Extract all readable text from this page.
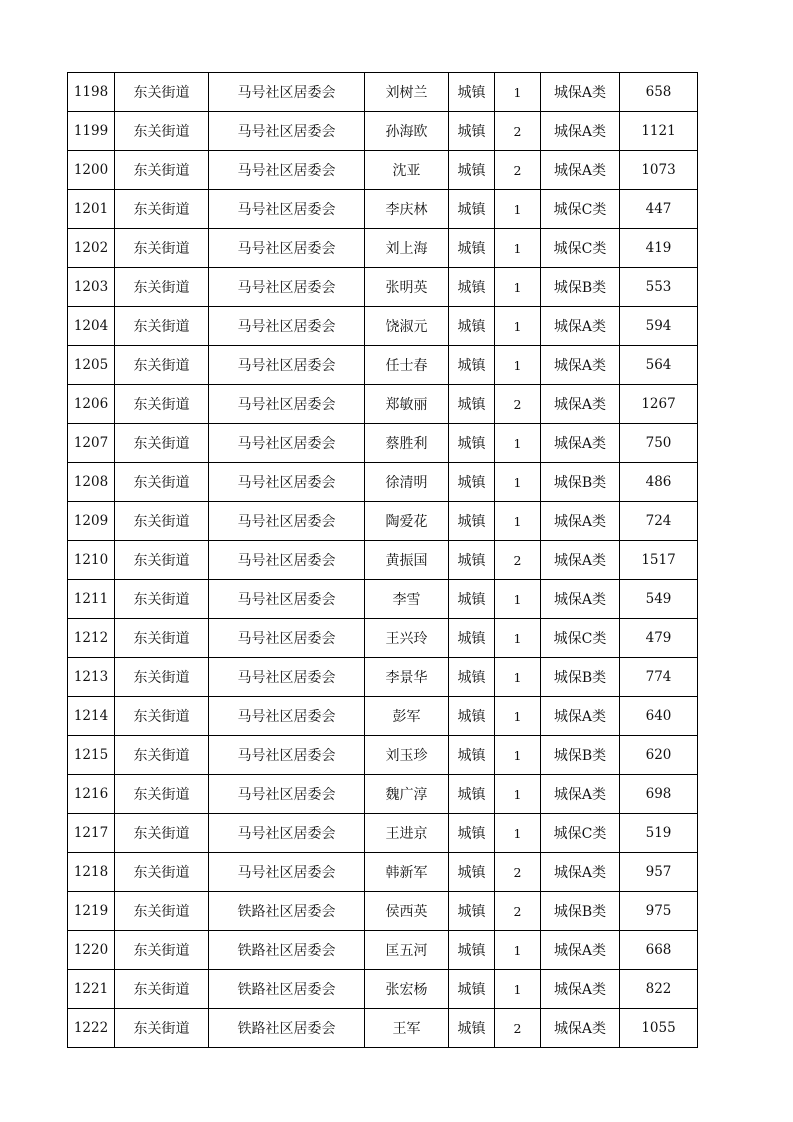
1198	东关街道	马号社区居委会	刘树兰	城镇	1	城保A类	658
1199	东关街道	马号社区居委会	孙海欧	城镇	2	城保A类	1121
1200	东关街道	马号社区居委会	沈亚	城镇	2	城保A类	1073
1201	东关街道	马号社区居委会	李庆林	城镇	1	城保C类	447
1202	东关街道	马号社区居委会	刘上海	城镇	1	城保C类	419
1203	东关街道	马号社区居委会	张明英	城镇	1	城保B类	553
1204	东关街道	马号社区居委会	饶淑元	城镇	1	城保A类	594
1205	东关街道	马号社区居委会	任士春	城镇	1	城保A类	564
1206	东关街道	马号社区居委会	郑敏丽	城镇	2	城保A类	1267
1207	东关街道	马号社区居委会	蔡胜利	城镇	1	城保A类	750
1208	东关街道	马号社区居委会	徐清明	城镇	1	城保B类	486
1209	东关街道	马号社区居委会	陶爱花	城镇	1	城保A类	724
1210	东关街道	马号社区居委会	黄振国	城镇	2	城保A类	1517
1211	东关街道	马号社区居委会	李雪	城镇	1	城保A类	549
1212	东关街道	马号社区居委会	王兴玲	城镇	1	城保C类	479
1213	东关街道	马号社区居委会	李景华	城镇	1	城保B类	774
1214	东关街道	马号社区居委会	彭军	城镇	1	城保A类	640
1215	东关街道	马号社区居委会	刘玉珍	城镇	1	城保B类	620
1216	东关街道	马号社区居委会	魏广淳	城镇	1	城保A类	698
1217	东关街道	马号社区居委会	王进京	城镇	1	城保C类	519
1218	东关街道	马号社区居委会	韩新军	城镇	2	城保A类	957
1219	东关街道	铁路社区居委会	侯西英	城镇	2	城保B类	975
1220	东关街道	铁路社区居委会	匡五河	城镇	1	城保A类	668
1221	东关街道	铁路社区居委会	张宏杨	城镇	1	城保A类	822
1222	东关街道	铁路社区居委会	王军	城镇	2	城保A类	1055
